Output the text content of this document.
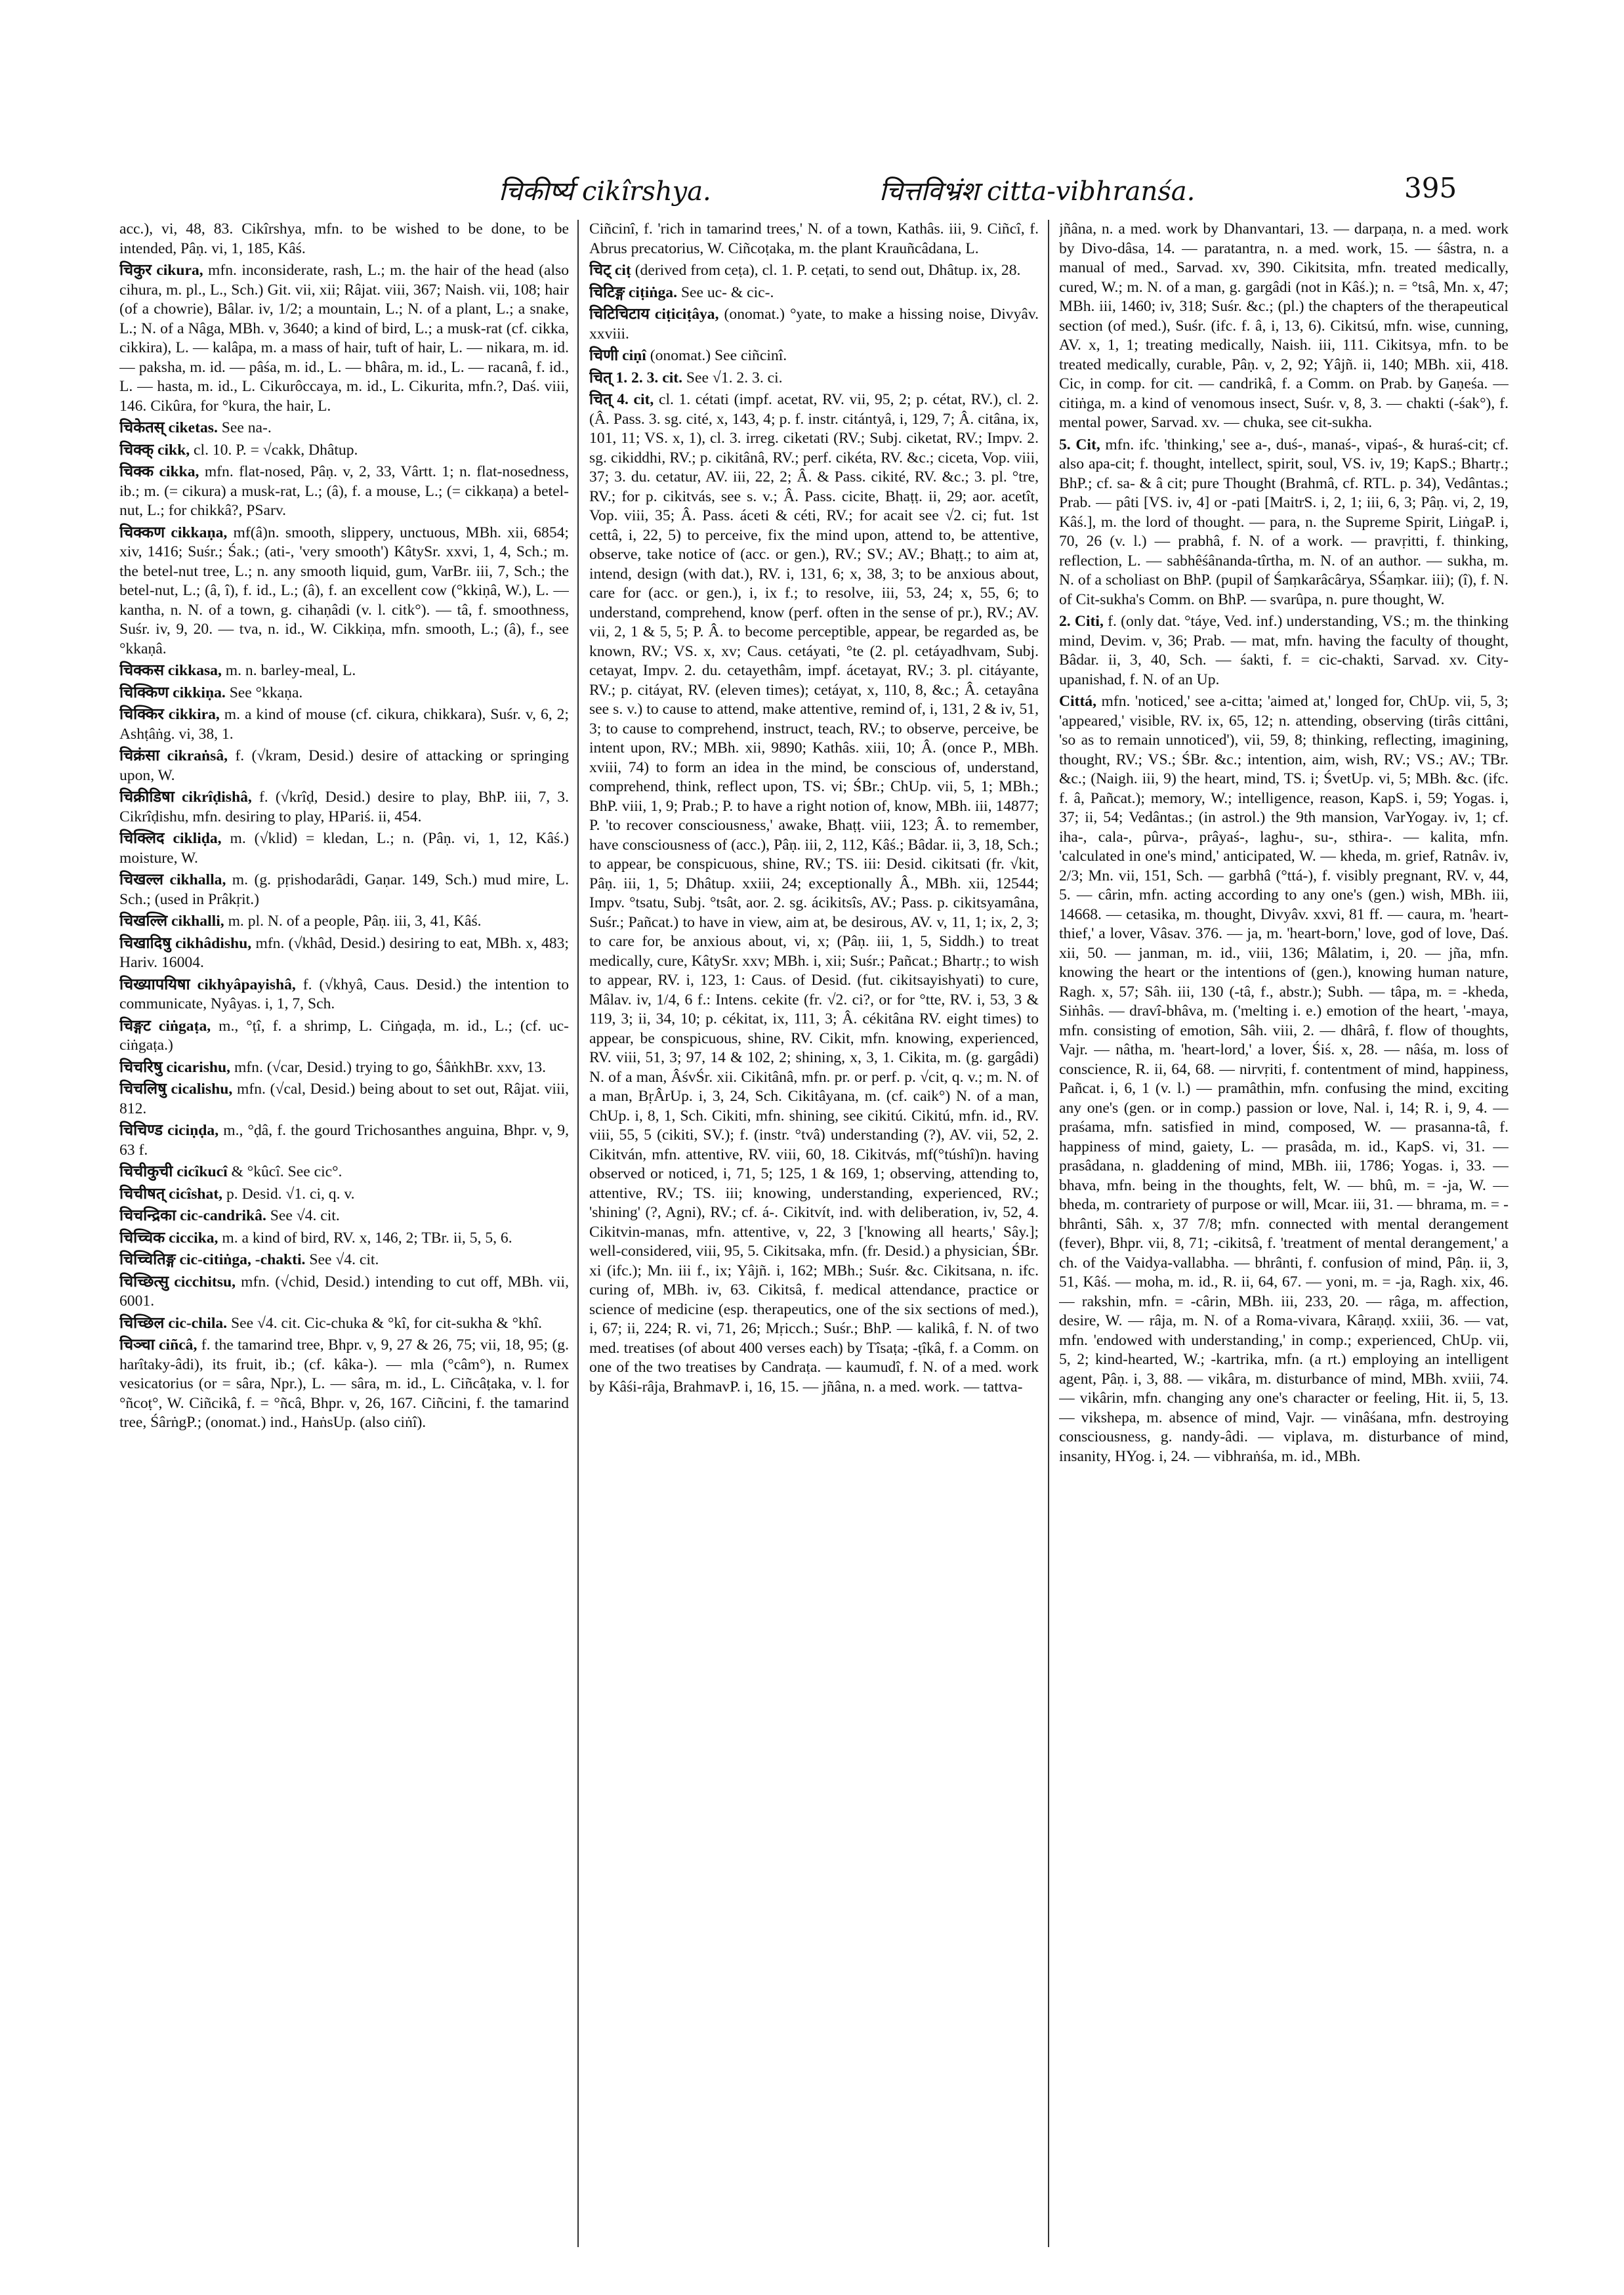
चिकीर्ष्य cikîrshya.	चित्तविभ्रंश citta-vibhranśa.	395
acc.), vi, 48, 83. Cikîrshya, mfn. to be wished to be done, to be intended, Pâṇ. vi, 1, 185, Kâś.
चिकुर cikura, mfn. inconsiderate, rash, L.; m. the hair of the head (also cihura, m. pl., L., Sch.) Git. vii, xii; Râjat. viii, 367; Naish. vii, 108; hair (of a chowrie), Bâlar. iv, 1/2; a mountain, L.; N. of a plant, L.; a snake, L.; N. of a Nâga, MBh. v, 3640; a kind of bird, L.; a musk-rat (cf. cikka, cikkira), L. — kalâpa, m. a mass of hair, tuft of hair, L. — nikara, m. id. — paksha, m. id. — pâśa, m. id., L. — bhâra, m. id., L. — racanâ, f. id., L. — hasta, m. id., L. Cikurôccaya, m. id., L. Cikurita, mfn.?, Daś. viii, 146. Cikûra, for °kura, the hair, L.
चिकेतस् ciketas. See na-.
चिक्क् cikk, cl. 10. P. = √cakk, Dhâtup.
चिक्क cikka, mfn. flat-nosed, Pâṇ. v, 2, 33, Vârtt. 1; n. flat-nosedness, ib.; m. (= cikura) a musk-rat, L.; (â), f. a mouse, L.; (= cikkaṇa) a betel-nut, L.; for chikkâ?, PSarv.
चिक्कण cikkaṇa, mf(â)n. smooth, slippery, unctuous, MBh. xii, 6854; xiv, 1416; Suśr.; Śak.; (ati-, 'very smooth') KâtySr. xxvi, 1, 4, Sch.; m. the betel-nut tree, L.; n. any smooth liquid, gum, VarBr. iii, 7, Sch.; the betel-nut, L.; (â, î), f. id., L.; (â), f. an excellent cow (°kkiṇâ, W.), L. — kantha, n. N. of a town, g. cihaṇâdi (v. l. citk°). — tâ, f. smoothness, Suśr. iv, 9, 20. — tva, n. id., W. Cikkiṇa, mfn. smooth, L.; (â), f., see °kkaṇâ.
चिक्कस cikkasa, m. n. barley-meal, L.
चिक्किण cikkiṇa. See °kkaṇa.
चिक्किर cikkira, m. a kind of mouse (cf. cikura, chikkara), Suśr. v, 6, 2; Ashṭâṅg. vi, 38, 1.
चिक्रंसा cikraṅsâ, f. (√kram, Desid.) desire of attacking or springing upon, W.
चिक्रीडिषा cikrîḍishâ, f. (√krîḍ, Desid.) desire to play, BhP. iii, 7, 3. Cikrîḍishu, mfn. desiring to play, HPariś. ii, 454.
चिक्लिद cikliḍa, m. (√klid) = kledan, L.; n. (Pâṇ. vi, 1, 12, Kâś.) moisture, W.
चिखल्ल cikhalla, m. (g. pṛishodarâdi, Gaṇar. 149, Sch.) mud mire, L. Sch.; (used in Prâkṛit.)
चिखल्लि cikhalli, m. pl. N. of a people, Pâṇ. iii, 3, 41, Kâś.
चिखादिषु cikhâdishu, mfn. (√khâd, Desid.) desiring to eat, MBh. x, 483; Hariv. 16004.
चिख्यापयिषा cikhyâpayishâ, f. (√khyâ, Caus. Desid.) the intention to communicate, Nyâyas. i, 1, 7, Sch.
चिङ्गट ciṅgaṭa, m., °ṭî, f. a shrimp, L. Ciṅgaḍa, m. id., L.; (cf. uc-ciṅgaṭa.)
चिचरिषु cicarishu, mfn. (√car, Desid.) trying to go, ŚâṅkhBr. xxv, 13.
चिचलिषु cicalishu, mfn. (√cal, Desid.) being about to set out, Râjat. viii, 812.
चिचिण्ड ciciṇḍa, m., °ḍâ, f. the gourd Trichosanthes anguina, Bhpr. v, 9, 63 f.
चिचीकुची cicîkucî & °kûcî. See cic°.
चिचीषत् cicîshat, p. Desid. √1. ci, q. v.
चिचन्द्रिका cic-candrikâ. See √4. cit.
चिच्चिक ciccika, m. a kind of bird, RV. x, 146, 2; TBr. ii, 5, 5, 6.
चिच्चितिङ्ग cic-citiṅga, -chakti. See √4. cit.
चिच्छित्सु cicchitsu, mfn. (√chid, Desid.) intending to cut off, MBh. vii, 6001.
चिच्छिल cic-chila. See √4. cit. Cic-chuka & °kî, for cit-sukha & °khî.
चिञ्चा ciñcâ, f. the tamarind tree, Bhpr. v, 9, 27 & 26, 75; vii, 18, 95; (g. harîtaky-âdi), its fruit, ib.; (cf. kâka-). — mla (°câm°), n. Rumex vesicatorius (or = sâra, Npr.), L. — sâra, m. id., L. Ciñcâṭaka, v. l. for °ñcoṭ°, W. Ciñcikâ, f. = °ñcâ, Bhpr. v, 26, 167. Ciñcini, f. the tamarind tree, ŚârṅgP.; (onomat.) ind., HaṅsUp. (also ciṅî).
Ciñcinî, f. 'rich in tamarind trees,' N. of a town, Kathâs. iii, 9. Ciñcî, f. Abrus precatorius, W. Ciñcoṭaka, m. the plant Krauñcâdana, L.
चिट् ciṭ (derived from ceṭa), cl. 1. P. ceṭati, to send out, Dhâtup. ix, 28.
चिटिङ्ग ciṭiṅga. See uc- & cic-.
चिटिचिटाय ciṭiciṭâya, (onomat.) °yate, to make a hissing noise, Divyâv. xxviii.
चिणी ciṇî (onomat.) See ciñcinî.
चित् 1. 2. 3. cit. See √1. 2. 3. ci.
चित् 4. cit, cl. 1. cétati (impf. acetat, RV. vii, 95, 2; p. cétat, RV.), cl. 2. (Â. Pass. 3. sg. cité, x, 143, 4; p. f. instr. citántyâ, i, 129, 7; Â. citâna, ix, 101, 11; VS. x, 1), cl. 3. irreg. ciketati (RV.; Subj. ciketat, RV.; Impv. 2. sg. cikiddhi, RV.; p. cikitânâ, RV.; perf. cikéta, RV. &c.; ciceta, Vop. viii, 37; 3. du. cetatur, AV. iii, 22, 2; Â. & Pass. cikité, RV. &c.; 3. pl. °tre, RV.; for p. cikitvás, see s. v.; Â. Pass. cicite, Bhaṭṭ. ii, 29; aor. acetît, Vop. viii, 35; Â. Pass. áceti & céti, RV.; for acait see √2. ci; fut. 1st cettâ, i, 22, 5) to perceive, fix the mind upon, attend to, be attentive, observe, take notice of (acc. or gen.), RV.; SV.; AV.; Bhaṭṭ.; to aim at, intend, design (with dat.), RV. i, 131, 6; x, 38, 3; to be anxious about, care for (acc. or gen.), i, ix f.; to resolve, iii, 53, 24; x, 55, 6; to understand, comprehend, know (perf. often in the sense of pr.), RV.; AV. vii, 2, 1 & 5, 5; P. Â. to become perceptible, appear, be regarded as, be known, RV.; VS. x, xv; Caus. cetáyati, °te (2. pl. cetáyadhvam, Subj. cetayat, Impv. 2. du. cetayethâm, impf. ácetayat, RV.; 3. pl. citáyante, RV.; p. citáyat, RV. (eleven times); cetáyat, x, 110, 8, &c.; Â. cetayâna see s. v.) to cause to attend, make attentive, remind of, i, 131, 2 & iv, 51, 3; to cause to comprehend, instruct, teach, RV.; to observe, perceive, be intent upon, RV.; MBh. xii, 9890; Kathâs. xiii, 10; Â. (once P., MBh. xviii, 74) to form an idea in the mind, be conscious of, understand, comprehend, think, reflect upon, TS. vi; ŚBr.; ChUp. vii, 5, 1; MBh.; BhP. viii, 1, 9; Prab.; P. to have a right notion of, know, MBh. iii, 14877; P. 'to recover consciousness,' awake, Bhaṭṭ. viii, 123; Â. to remember, have consciousness of (acc.), Pâṇ. iii, 2, 112, Kâś.; Bâdar. ii, 3, 18, Sch.; to appear, be conspicuous, shine, RV.; TS. iii: Desid. cikitsati (fr. √kit, Pâṇ. iii, 1, 5; Dhâtup. xxiii, 24; exceptionally Â., MBh. xii, 12544; Impv. °tsatu, Subj. °tsât, aor. 2. sg. ácikitsîs, AV.; Pass. p. cikitsyamâna, Suśr.; Pañcat.) to have in view, aim at, be desirous, AV. v, 11, 1; ix, 2, 3; to care for, be anxious about, vi, x; (Pâṇ. iii, 1, 5, Siddh.) to treat medically, cure, KâtySr. xxv; MBh. i, xii; Suśr.; Pañcat.; Bhartṛ.; to wish to appear, RV. i, 123, 1: Caus. of Desid. (fut. cikitsayishyati) to cure, Mâlav. iv, 1/4, 6 f.: Intens. cekite (fr. √2. ci?, or for °tte, RV. i, 53, 3 & 119, 3; ii, 34, 10; p. cékitat, ix, 111, 3; Â. cékitâna RV. eight times) to appear, be conspicuous, shine, RV. Cikit, mfn. knowing, experienced, RV. viii, 51, 3; 97, 14 & 102, 2; shining, x, 3, 1. Cikita, m. (g. gargâdi) N. of a man, ÂśvŚr. xii. Cikitânâ, mfn. pr. or perf. p. √cit, q. v.; m. N. of a man, BṛÂrUp. i, 3, 24, Sch. Cikitâyana, m. (cf. caik°) N. of a man, ChUp. i, 8, 1, Sch. Cikiti, mfn. shining, see cikitú. Cikitú, mfn. id., RV. viii, 55, 5 (cikiti, SV.); f. (instr. °tvâ) understanding (?), AV. vii, 52, 2. Cikitván, mfn. attentive, RV. viii, 60, 18. Cikitvás, mf(°túshî)n. having observed or noticed, i, 71, 5; 125, 1 & 169, 1; observing, attending to, attentive, RV.; TS. iii; knowing, understanding, experienced, RV.; 'shining' (?, Agni), RV.; cf. á-. Cikitvít, ind. with deliberation, iv, 52, 4. Cikitvin-manas, mfn. attentive, v, 22, 3 ['knowing all hearts,' Sây.]; well-considered, viii, 95, 5. Cikitsaka, mfn. (fr. Desid.) a physician, ŚBr. xi (ifc.); Mn. iii f., ix; Yâjñ. i, 162; MBh.; Suśr. &c. Cikitsana, n. ifc. curing of, MBh. iv, 63. Cikitsâ, f. medical attendance, practice or science of medicine (esp. therapeutics, one of the six sections of med.), i, 67; ii, 224; R. vi, 71, 26; Mṛicch.; Suśr.; BhP. — kalikâ, f. N. of two med. treatises (of about 400 verses each) by Tîsaṭa; -ṭîkâ, f. a Comm. on one of the two treatises by Candraṭa. — kaumudî, f. N. of a med. work by Kâśi-râja, BrahmavP. i, 16, 15. — jñâna, n. a med. work. — tattva-
jñâna, n. a med. work by Dhanvantari, 13. — darpaṇa, n. a med. work by Divo-dâsa, 14. — paratantra, n. a med. work, 15. — śâstra, n. a manual of med., Sarvad. xv, 390. Cikitsita, mfn. treated medically, cured, W.; m. N. of a man, g. gargâdi (not in Kâś.); n. = °tsâ, Mn. x, 47; MBh. iii, 1460; iv, 318; Suśr. &c.; (pl.) the chapters of the therapeutical section (of med.), Suśr. (ifc. f. â, i, 13, 6). Cikitsú, mfn. wise, cunning, AV. x, 1, 1; treating medically, Naish. iii, 111. Cikitsya, mfn. to be treated medically, curable, Pâṇ. v, 2, 92; Yâjñ. ii, 140; MBh. xii, 418. Cic, in comp. for cit. — candrikâ, f. a Comm. on Prab. by Gaṇeśa. — citiṅga, m. a kind of venomous insect, Suśr. v, 8, 3. — chakti (-śak°), f. mental power, Sarvad. xv. — chuka, see cit-sukha.
5. Cit, mfn. ifc. 'thinking,' see a-, duś-, manaś-, vipaś-, & huraś-cit; cf. also apa-cit; f. thought, intellect, spirit, soul, VS. iv, 19; KapS.; Bhartṛ.; BhP.; cf. sa- & â cit; pure Thought (Brahmâ, cf. RTL. p. 34), Vedântas.; Prab. — pâti [VS. iv, 4] or -pati [MaitrS. i, 2, 1; iii, 6, 3; Pâṇ. vi, 2, 19, Kâś.], m. the lord of thought. — para, n. the Supreme Spirit, LiṅgaP. i, 70, 26 (v. l.) — prabhâ, f. N. of a work. — pravṛitti, f. thinking, reflection, L. — sabhêśânanda-tîrtha, m. N. of an author. — sukha, m. N. of a scholiast on BhP. (pupil of Śaṃkarâcârya, SŚaṃkar. iii); (î), f. N. of Cit-sukha's Comm. on BhP. — svarûpa, n. pure thought, W.
2. Citi, f. (only dat. °táye, Ved. inf.) understanding, VS.; m. the thinking mind, Devim. v, 36; Prab. — mat, mfn. having the faculty of thought, Bâdar. ii, 3, 40, Sch. — śakti, f. = cic-chakti, Sarvad. xv. City-upanishad, f. N. of an Up.
Cittá, mfn. 'noticed,' see a-citta; 'aimed at,' longed for, ChUp. vii, 5, 3; 'appeared,' visible, RV. ix, 65, 12; n. attending, observing (tirâs cittâni, 'so as to remain unnoticed'), vii, 59, 8; thinking, reflecting, imagining, thought, RV.; VS.; ŚBr. &c.; intention, aim, wish, RV.; VS.; AV.; TBr. &c.; (Naigh. iii, 9) the heart, mind, TS. i; ŚvetUp. vi, 5; MBh. &c. (ifc. f. â, Pañcat.); memory, W.; intelligence, reason, KapS. i, 59; Yogas. i, 37; ii, 54; Vedântas.; (in astrol.) the 9th mansion, VarYogay. iv, 1; cf. iha-, cala-, pûrva-, prâyaś-, laghu-, su-, sthira-. — kalita, mfn. 'calculated in one's mind,' anticipated, W. — kheda, m. grief, Ratnâv. iv, 2/3; Mn. vii, 151, Sch. — garbhâ (°ttá-), f. visibly pregnant, RV. v, 44, 5. — cârin, mfn. acting according to any one's (gen.) wish, MBh. iii, 14668. — cetasika, m. thought, Divyâv. xxvi, 81 ff. — caura, m. 'heart-thief,' a lover, Vâsav. 376. — ja, m. 'heart-born,' love, god of love, Daś. xii, 50. — janman, m. id., viii, 136; Mâlatim, i, 20. — jña, mfn. knowing the heart or the intentions of (gen.), knowing human nature, Ragh. x, 57; Sâh. iii, 130 (-tâ, f., abstr.); Subh. — tâpa, m. = -kheda, Siṅhâs. — dravî-bhâva, m. ('melting i. e.) emotion of the heart, '-maya, mfn. consisting of emotion, Sâh. viii, 2. — dhârâ, f. flow of thoughts, Vajr. — nâtha, m. 'heart-lord,' a lover, Śiś. x, 28. — nâśa, m. loss of conscience, R. ii, 64, 68. — nirvṛiti, f. contentment of mind, happiness, Pañcat. i, 6, 1 (v. l.) — pramâthin, mfn. confusing the mind, exciting any one's (gen. or in comp.) passion or love, Nal. i, 14; R. i, 9, 4. — praśama, mfn. satisfied in mind, composed, W. — prasanna-tâ, f. happiness of mind, gaiety, L. — prasâda, m. id., KapS. vi, 31. — prasâdana, n. gladdening of mind, MBh. iii, 1786; Yogas. i, 33. — bhava, mfn. being in the thoughts, felt, W. — bhû, m. = -ja, W. — bheda, m. contrariety of purpose or will, Mcar. iii, 31. — bhrama, m. = -bhrânti, Sâh. x, 37 7/8; mfn. connected with mental derangement (fever), Bhpr. vii, 8, 71; -cikitsâ, f. 'treatment of mental derangement,' a ch. of the Vaidya-vallabha. — bhrânti, f. confusion of mind, Pâṇ. ii, 3, 51, Kâś. — moha, m. id., R. ii, 64, 67. — yoni, m. = -ja, Ragh. xix, 46. — rakshin, mfn. = -cârin, MBh. iii, 233, 20. — râga, m. affection, desire, W. — râja, m. N. of a Roma-vivara, Kâraṇḍ. xxiii, 36. — vat, mfn. 'endowed with understanding,' in comp.; experienced, ChUp. vii, 5, 2; kind-hearted, W.; -kartrika, mfn. (a rt.) employing an intelligent agent, Pâṇ. i, 3, 88. — vikâra, m. disturbance of mind, MBh. xviii, 74. — vikârin, mfn. changing any one's character or feeling, Hit. ii, 5, 13. — vikshepa, m. absence of mind, Vajr. — vinâśana, mfn. destroying consciousness, g. nandy-âdi. — viplava, m. disturbance of mind, insanity, HYog. i, 24. — vibhraṅśa, m. id., MBh.
